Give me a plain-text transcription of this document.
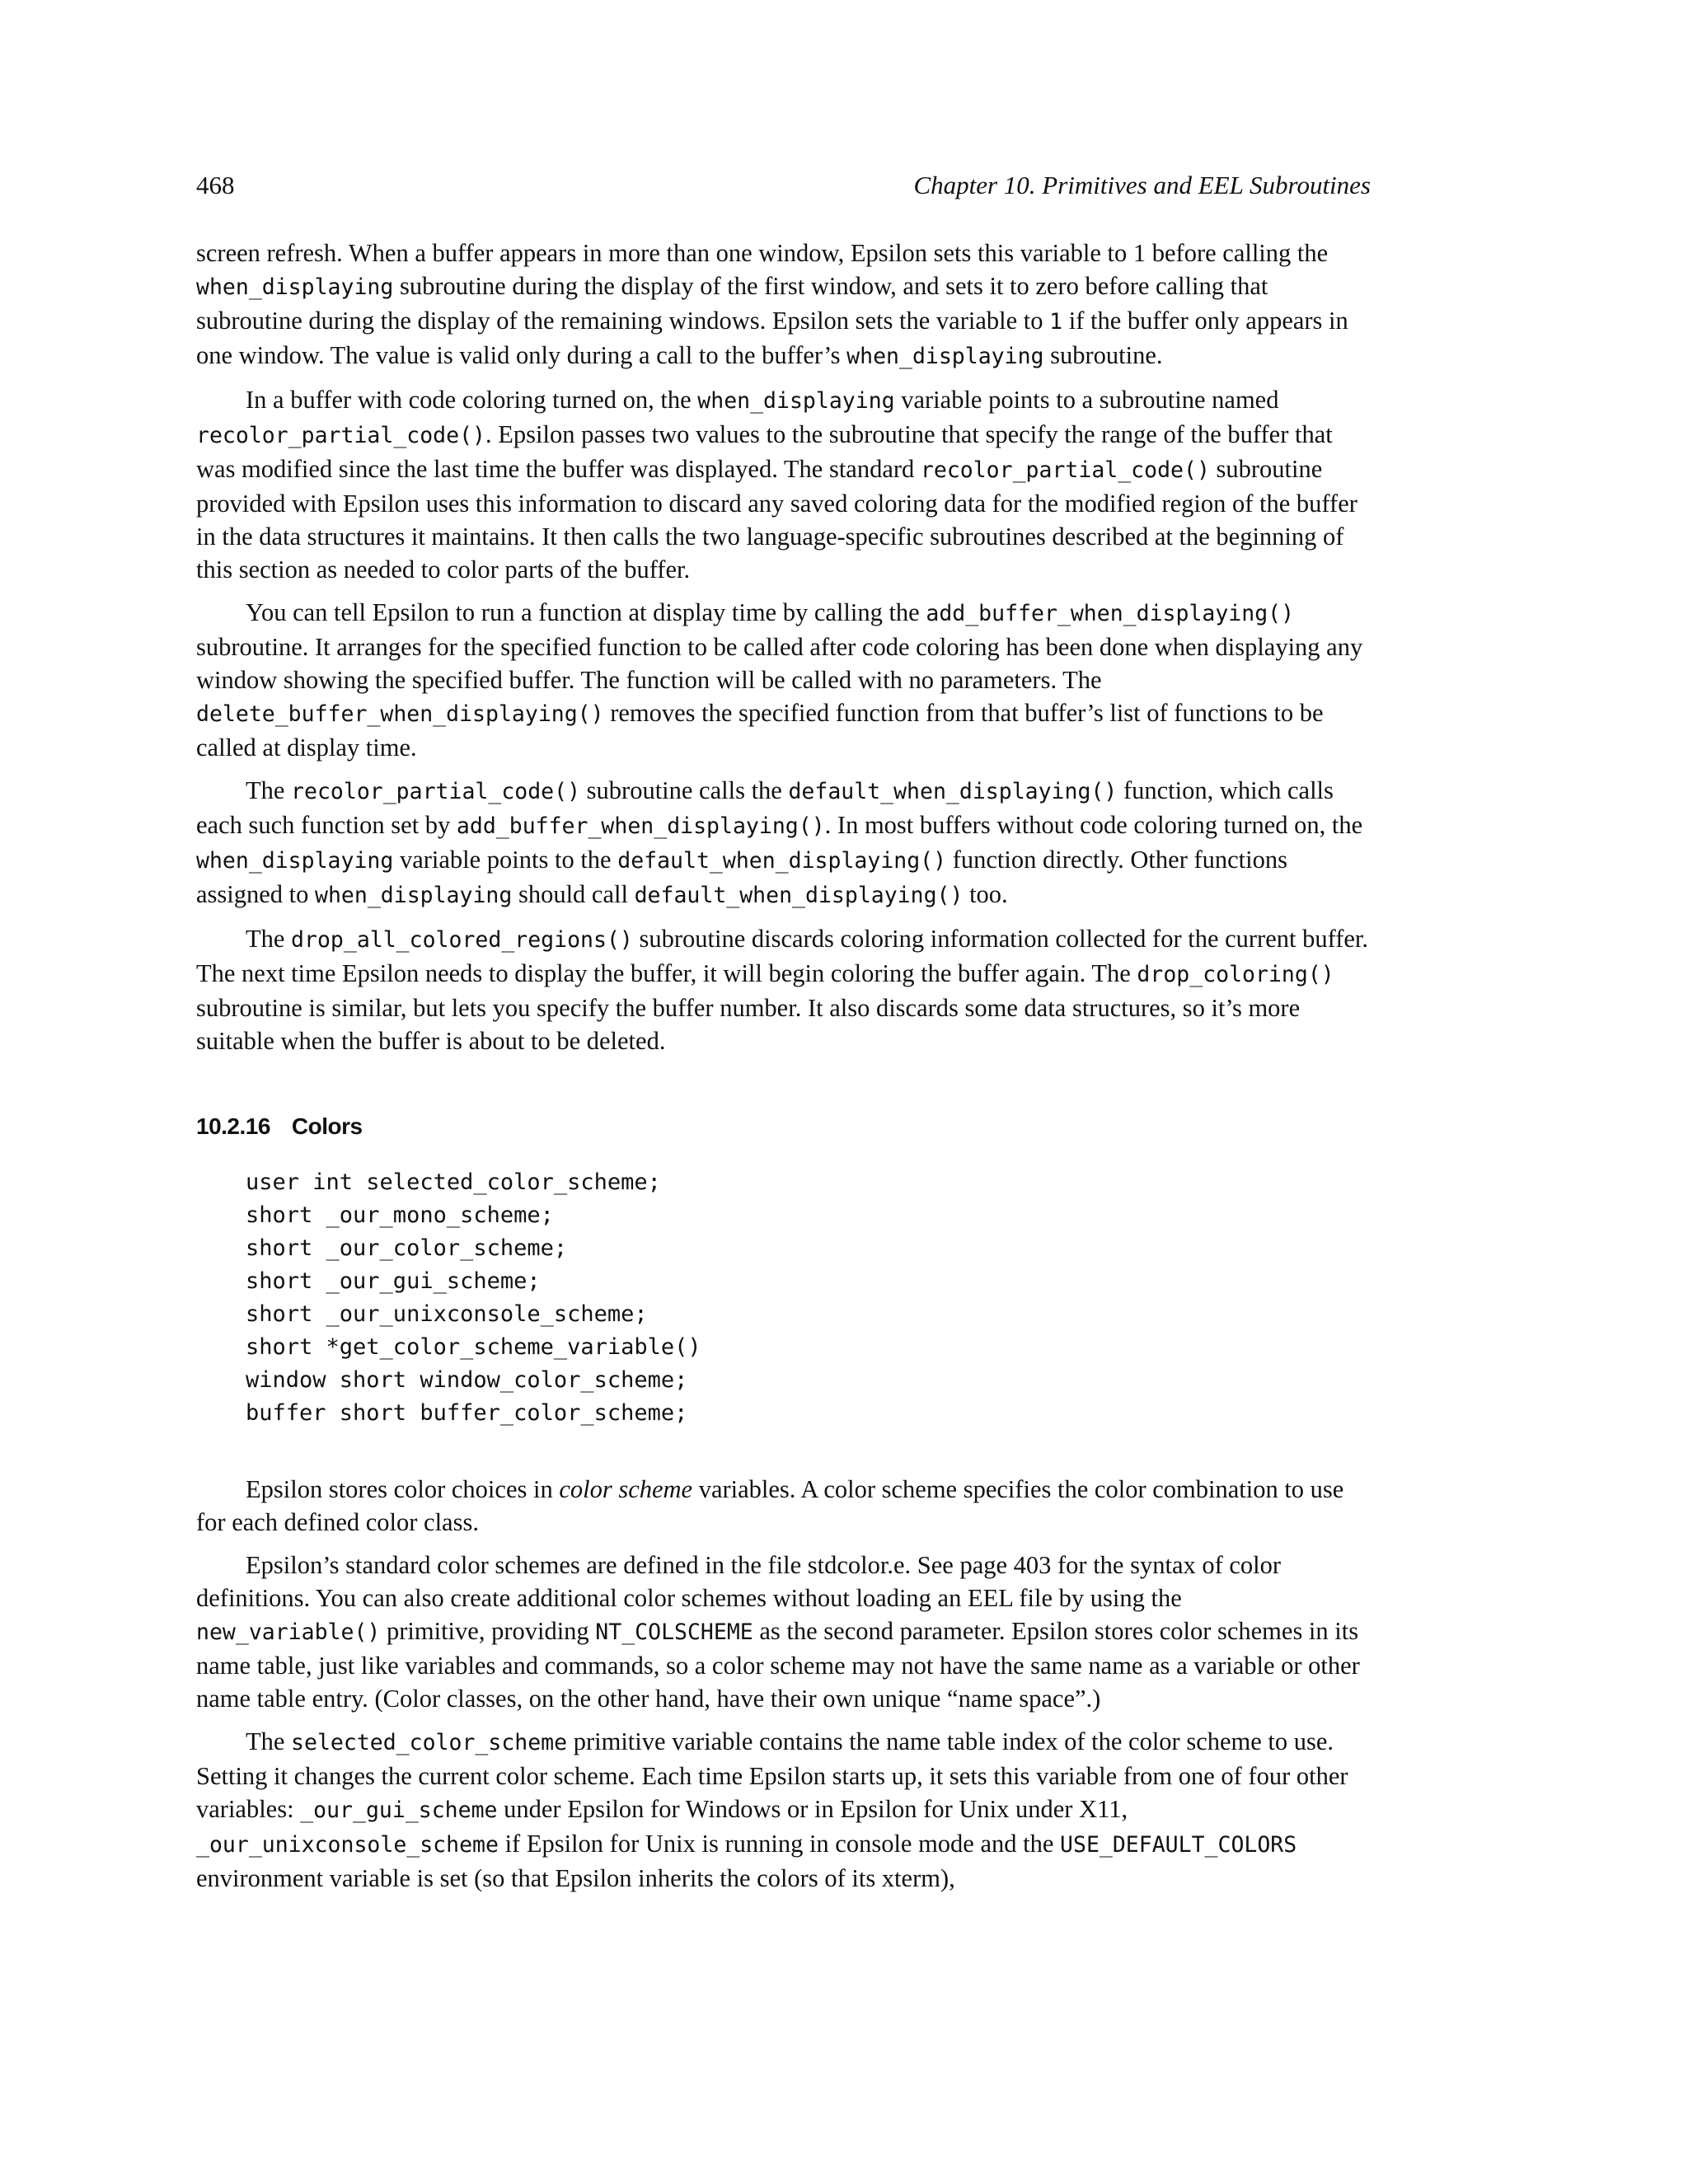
468	Chapter 10. Primitives and EEL Subroutines

screen refresh. When a buffer appears in more than one window, Epsilon sets this variable to 1 before calling the when_displaying subroutine during the display of the first window, and sets it to zero before calling that subroutine during the display of the remaining windows. Epsilon sets the variable to 1 if the buffer only appears in one window. The value is valid only during a call to the buffer’s when_displaying subroutine.

In a buffer with code coloring turned on, the when_displaying variable points to a subroutine named recolor_partial_code(). Epsilon passes two values to the subroutine that specify the range of the buffer that was modified since the last time the buffer was displayed. The standard recolor_partial_code() subroutine provided with Epsilon uses this information to discard any saved coloring data for the modified region of the buffer in the data structures it maintains. It then calls the two language-specific subroutines described at the beginning of this section as needed to color parts of the buffer.

You can tell Epsilon to run a function at display time by calling the add_buffer_when_displaying() subroutine. It arranges for the specified function to be called after code coloring has been done when displaying any window showing the specified buffer. The function will be called with no parameters. The delete_buffer_when_displaying() removes the specified function from that buffer’s list of functions to be called at display time.

The recolor_partial_code() subroutine calls the default_when_displaying() function, which calls each such function set by add_buffer_when_displaying(). In most buffers without code coloring turned on, the when_displaying variable points to the default_when_displaying() function directly. Other functions assigned to when_displaying should call default_when_displaying() too.

The drop_all_colored_regions() subroutine discards coloring information collected for the current buffer. The next time Epsilon needs to display the buffer, it will begin coloring the buffer again. The drop_coloring() subroutine is similar, but lets you specify the buffer number. It also discards some data structures, so it’s more suitable when the buffer is about to be deleted.

10.2.16 Colors
user int selected_color_scheme;
short _our_mono_scheme;
short _our_color_scheme;
short _our_gui_scheme;
short _our_unixconsole_scheme;
short *get_color_scheme_variable()
window short window_color_scheme;
buffer short buffer_color_scheme;

Epsilon stores color choices in color scheme variables. A color scheme specifies the color combination to use for each defined color class.

Epsilon’s standard color schemes are defined in the file stdcolor.e. See page 403 for the syntax of color definitions. You can also create additional color schemes without loading an EEL file by using the new_variable() primitive, providing NT_COLSCHEME as the second parameter. Epsilon stores color schemes in its name table, just like variables and commands, so a color scheme may not have the same name as a variable or other name table entry. (Color classes, on the other hand, have their own unique “name space”.)

The selected_color_scheme primitive variable contains the name table index of the color scheme to use. Setting it changes the current color scheme. Each time Epsilon starts up, it sets this variable from one of four other variables: _our_gui_scheme under Epsilon for Windows or in Epsilon for Unix under X11, _our_unixconsole_scheme if Epsilon for Unix is running in console mode and the USE_DEFAULT_COLORS environment variable is set (so that Epsilon inherits the colors of its xterm),
